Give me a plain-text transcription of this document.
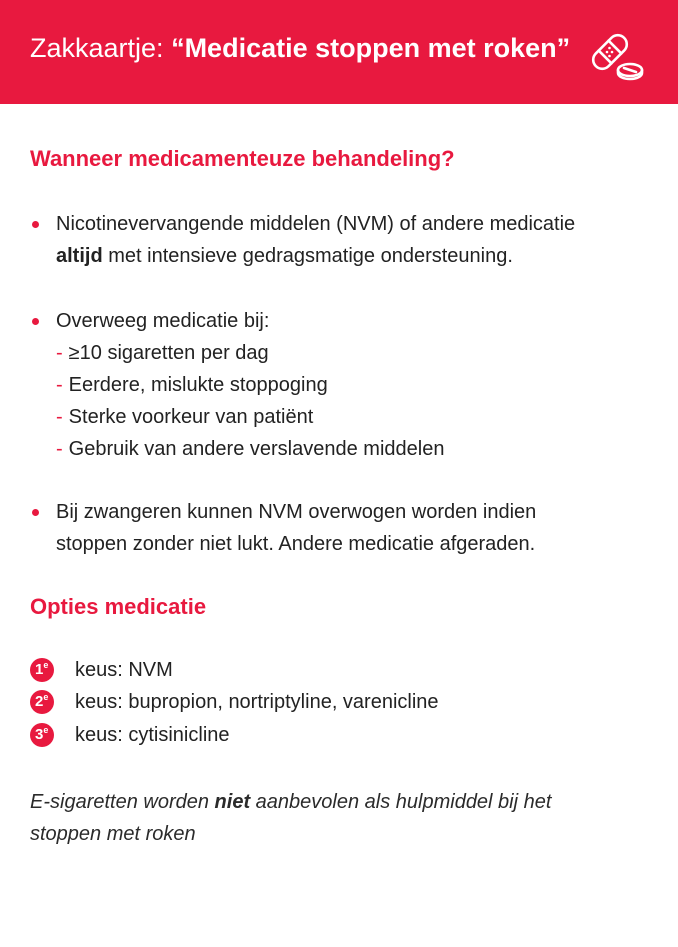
Zakkaartje: “Medicatie stoppen met roken”
Wanneer medicamenteuze behandeling?
Nicotinevervangende middelen (NVM) of andere medicatie
altijd met intensieve gedragsmatige ondersteuning.
Overweeg medicatie bij:
- ≥10 sigaretten per dag
- Eerdere, mislukte stoppoging
- Sterke voorkeur van patiënt
- Gebruik van andere verslavende middelen
Bij zwangeren kunnen NVM overwogen worden indien
stoppen zonder niet lukt. Andere medicatie afgeraden.
Opties medicatie
1e keus: NVM
2e keus: bupropion, nortriptyline, varenicline
3e keus: cytisinicline
E-sigaretten worden niet aanbevolen als hulpmiddel bij het
stoppen met roken
